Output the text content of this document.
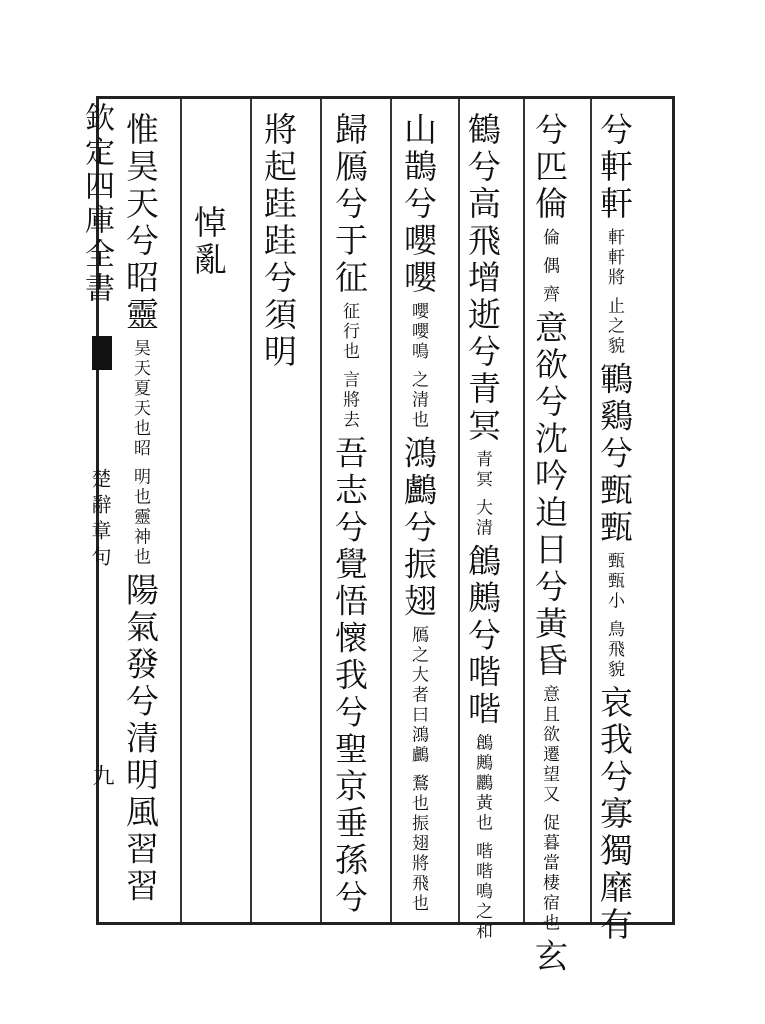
兮軒軒 軒軒將 止之貌 鶤鷄兮甄甄 甄甄小 鳥飛貌 哀我兮寡獨靡有
兮匹倫 倫 偶 齊 意欲兮沈吟迫日兮黃昏 意且欲遷望又 促暮當棲宿也 玄
鶴兮高飛增逝兮青冥 青冥 大清 鶬鶊兮喈喈 鶬鶊鸝黃也 喈喈鳴之和
山鵲兮嚶嚶 嚶嚶鳴 之清也 鴻鸕兮振翅 鴈之大者曰鴻鸕 鶩也振翅將飛也
歸鴈兮于征 征行也 言將去 吾志兮覺悟懷我兮聖京垂孫兮
將起跬跬兮須明
悼亂
惟昊天兮昭靈 昊天夏天也昭 明也靈神也 陽氣發兮清明風習習
欽定四庫全書
楚辭章句
九
